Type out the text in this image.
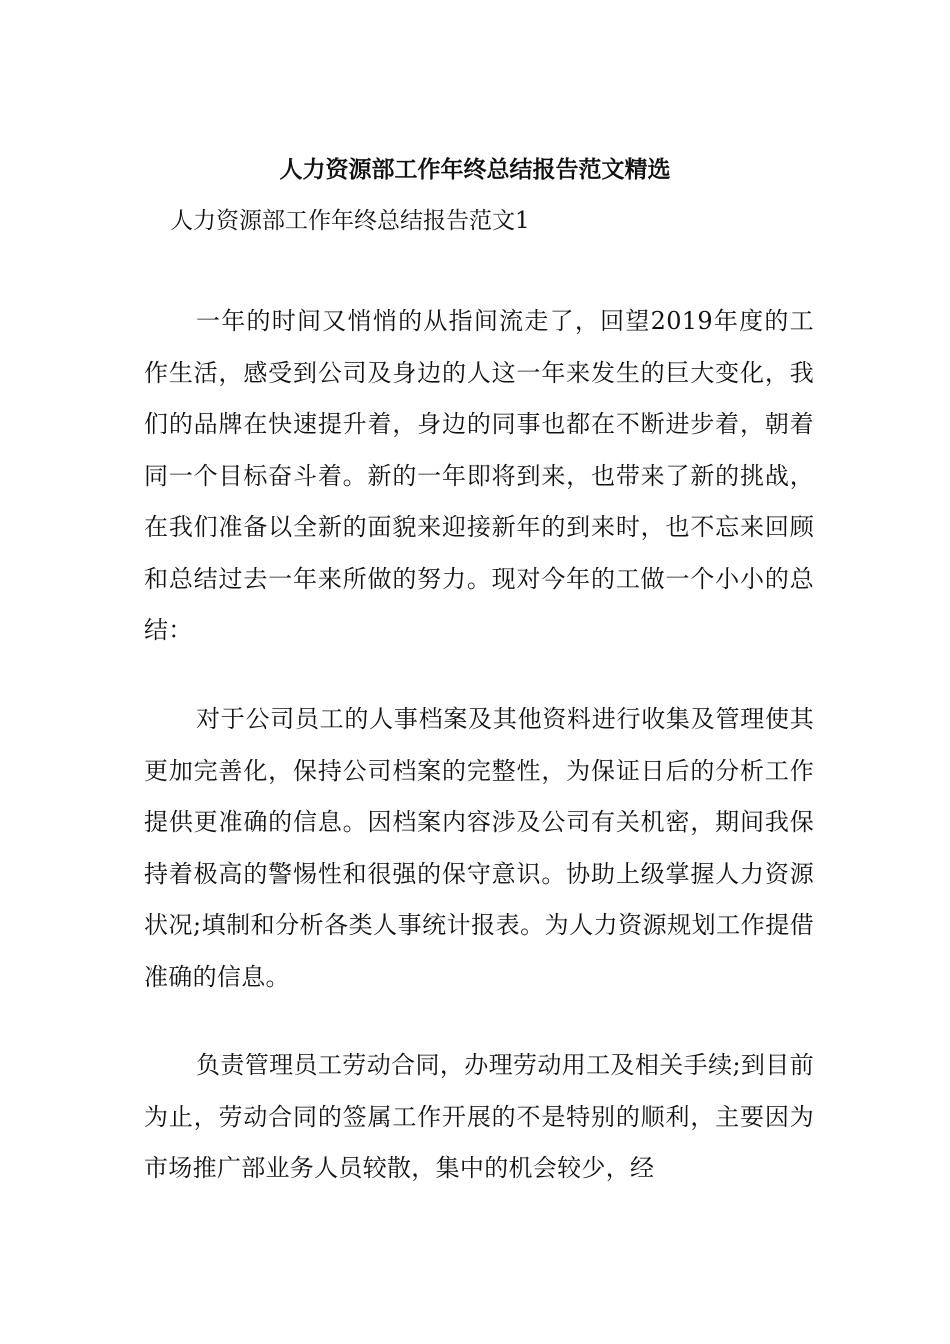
人力资源部工作年终总结报告范文精选
人力资源部工作年终总结报告范文1

一年的时间又悄悄的从指间流走了，回望2019年度的工作生活，感受到公司及身边的人这一年来发生的巨大变化，我们的品牌在快速提升着，身边的同事也都在不断进步着，朝着同一个目标奋斗着。新的一年即将到来，也带来了新的挑战，在我们准备以全新的面貌来迎接新年的到来时，也不忘来回顾和总结过去一年来所做的努力。现对今年的工做一个小小的总结：

对于公司员工的人事档案及其他资料进行收集及管理使其更加完善化，保持公司档案的完整性，为保证日后的分析工作提供更准确的信息。因档案内容涉及公司有关机密，期间我保持着极高的警惕性和很强的保守意识。协助上级掌握人力资源状况;填制和分析各类人事统计报表。为人力资源规划工作提借准确的信息。

负责管理员工劳动合同，办理劳动用工及相关手续;到目前为止，劳动合同的签属工作开展的不是特别的顺利，主要因为市场推广部业务人员较散，集中的机会较少，经
